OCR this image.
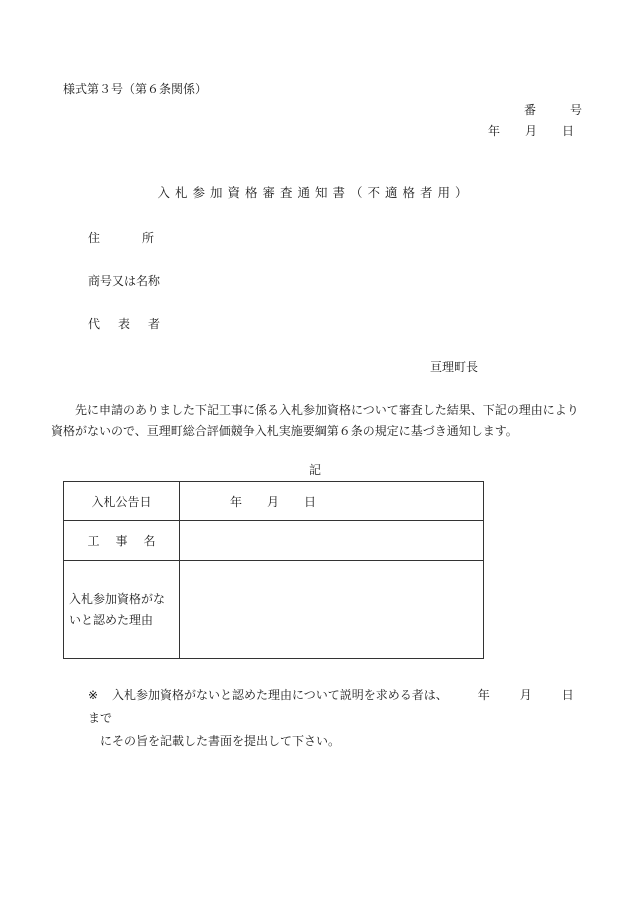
様式第３号（第６条関係）
番	号
年 月 日
入札参加資格審査通知書（不適格者用）
住	所
商号又は名称
代 表 者
亘理町長
先に申請のありました下記工事に係る入札参加資格について審査した結果、下記の理由により
資格がないので、亘理町総合評価競争入札実施要綱第６条の規定に基づき通知します。
記
入札公告日	年 月 日
工 事 名	
入札参加資格がな
いと認めた理由	
※ 入札参加資格がないと認めた理由について説明を求める者は、	年	月	日まで
にその旨を記載した書面を提出して下さい。
